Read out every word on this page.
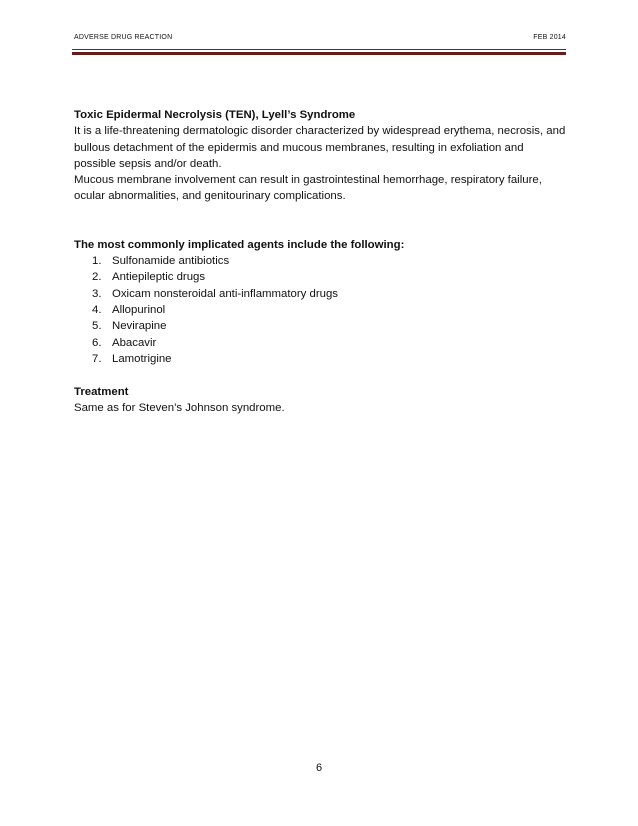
ADVERSE DRUG REACTION	FEB 2014

Toxic Epidermal Necrolysis (TEN), Lyell’s Syndrome

It is a life-threatening dermatologic disorder characterized by widespread erythema, necrosis, and bullous detachment of the epidermis and mucous membranes, resulting in exfoliation and possible sepsis and/or death.

Mucous membrane involvement can result in gastrointestinal hemorrhage, respiratory failure, ocular abnormalities, and genitourinary complications.

The most commonly implicated agents include the following:

1. Sulfonamide antibiotics
2. Antiepileptic drugs
3. Oxicam nonsteroidal anti-inflammatory drugs
4. Allopurinol
5. Nevirapine
6. Abacavir
7. Lamotrigine

Treatment

Same as for Steven’s Johnson syndrome.

6
